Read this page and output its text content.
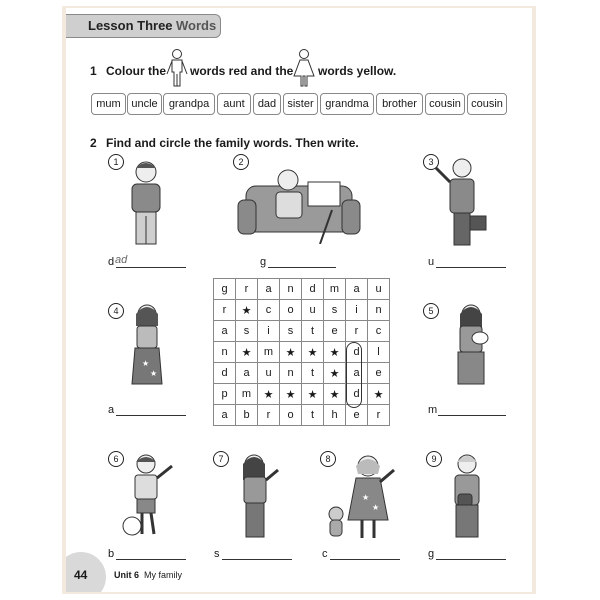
Lesson Three Words
1 Colour the words red and the words yellow.
mum uncle	grandpa	aunt	dad	sister	grandma	brother	cousin cousin
2 Find and circle the family words. Then write.
1
d ad
2
g
3
u
4
★
★
a
g	r	a	n	d	m	a	u
r	★	c	o	u	s	i	n
a	s	i	s	t	e	r	c
n	★	m	★	★	★	d	l
d	a	u	n	t	★	a	e
p	m	★	★	★	★	d	★
a	b	r	o	t	h	e	r
5
m
6
b
7
s
8
★
★
c
9
g
44	Unit 6 My family
